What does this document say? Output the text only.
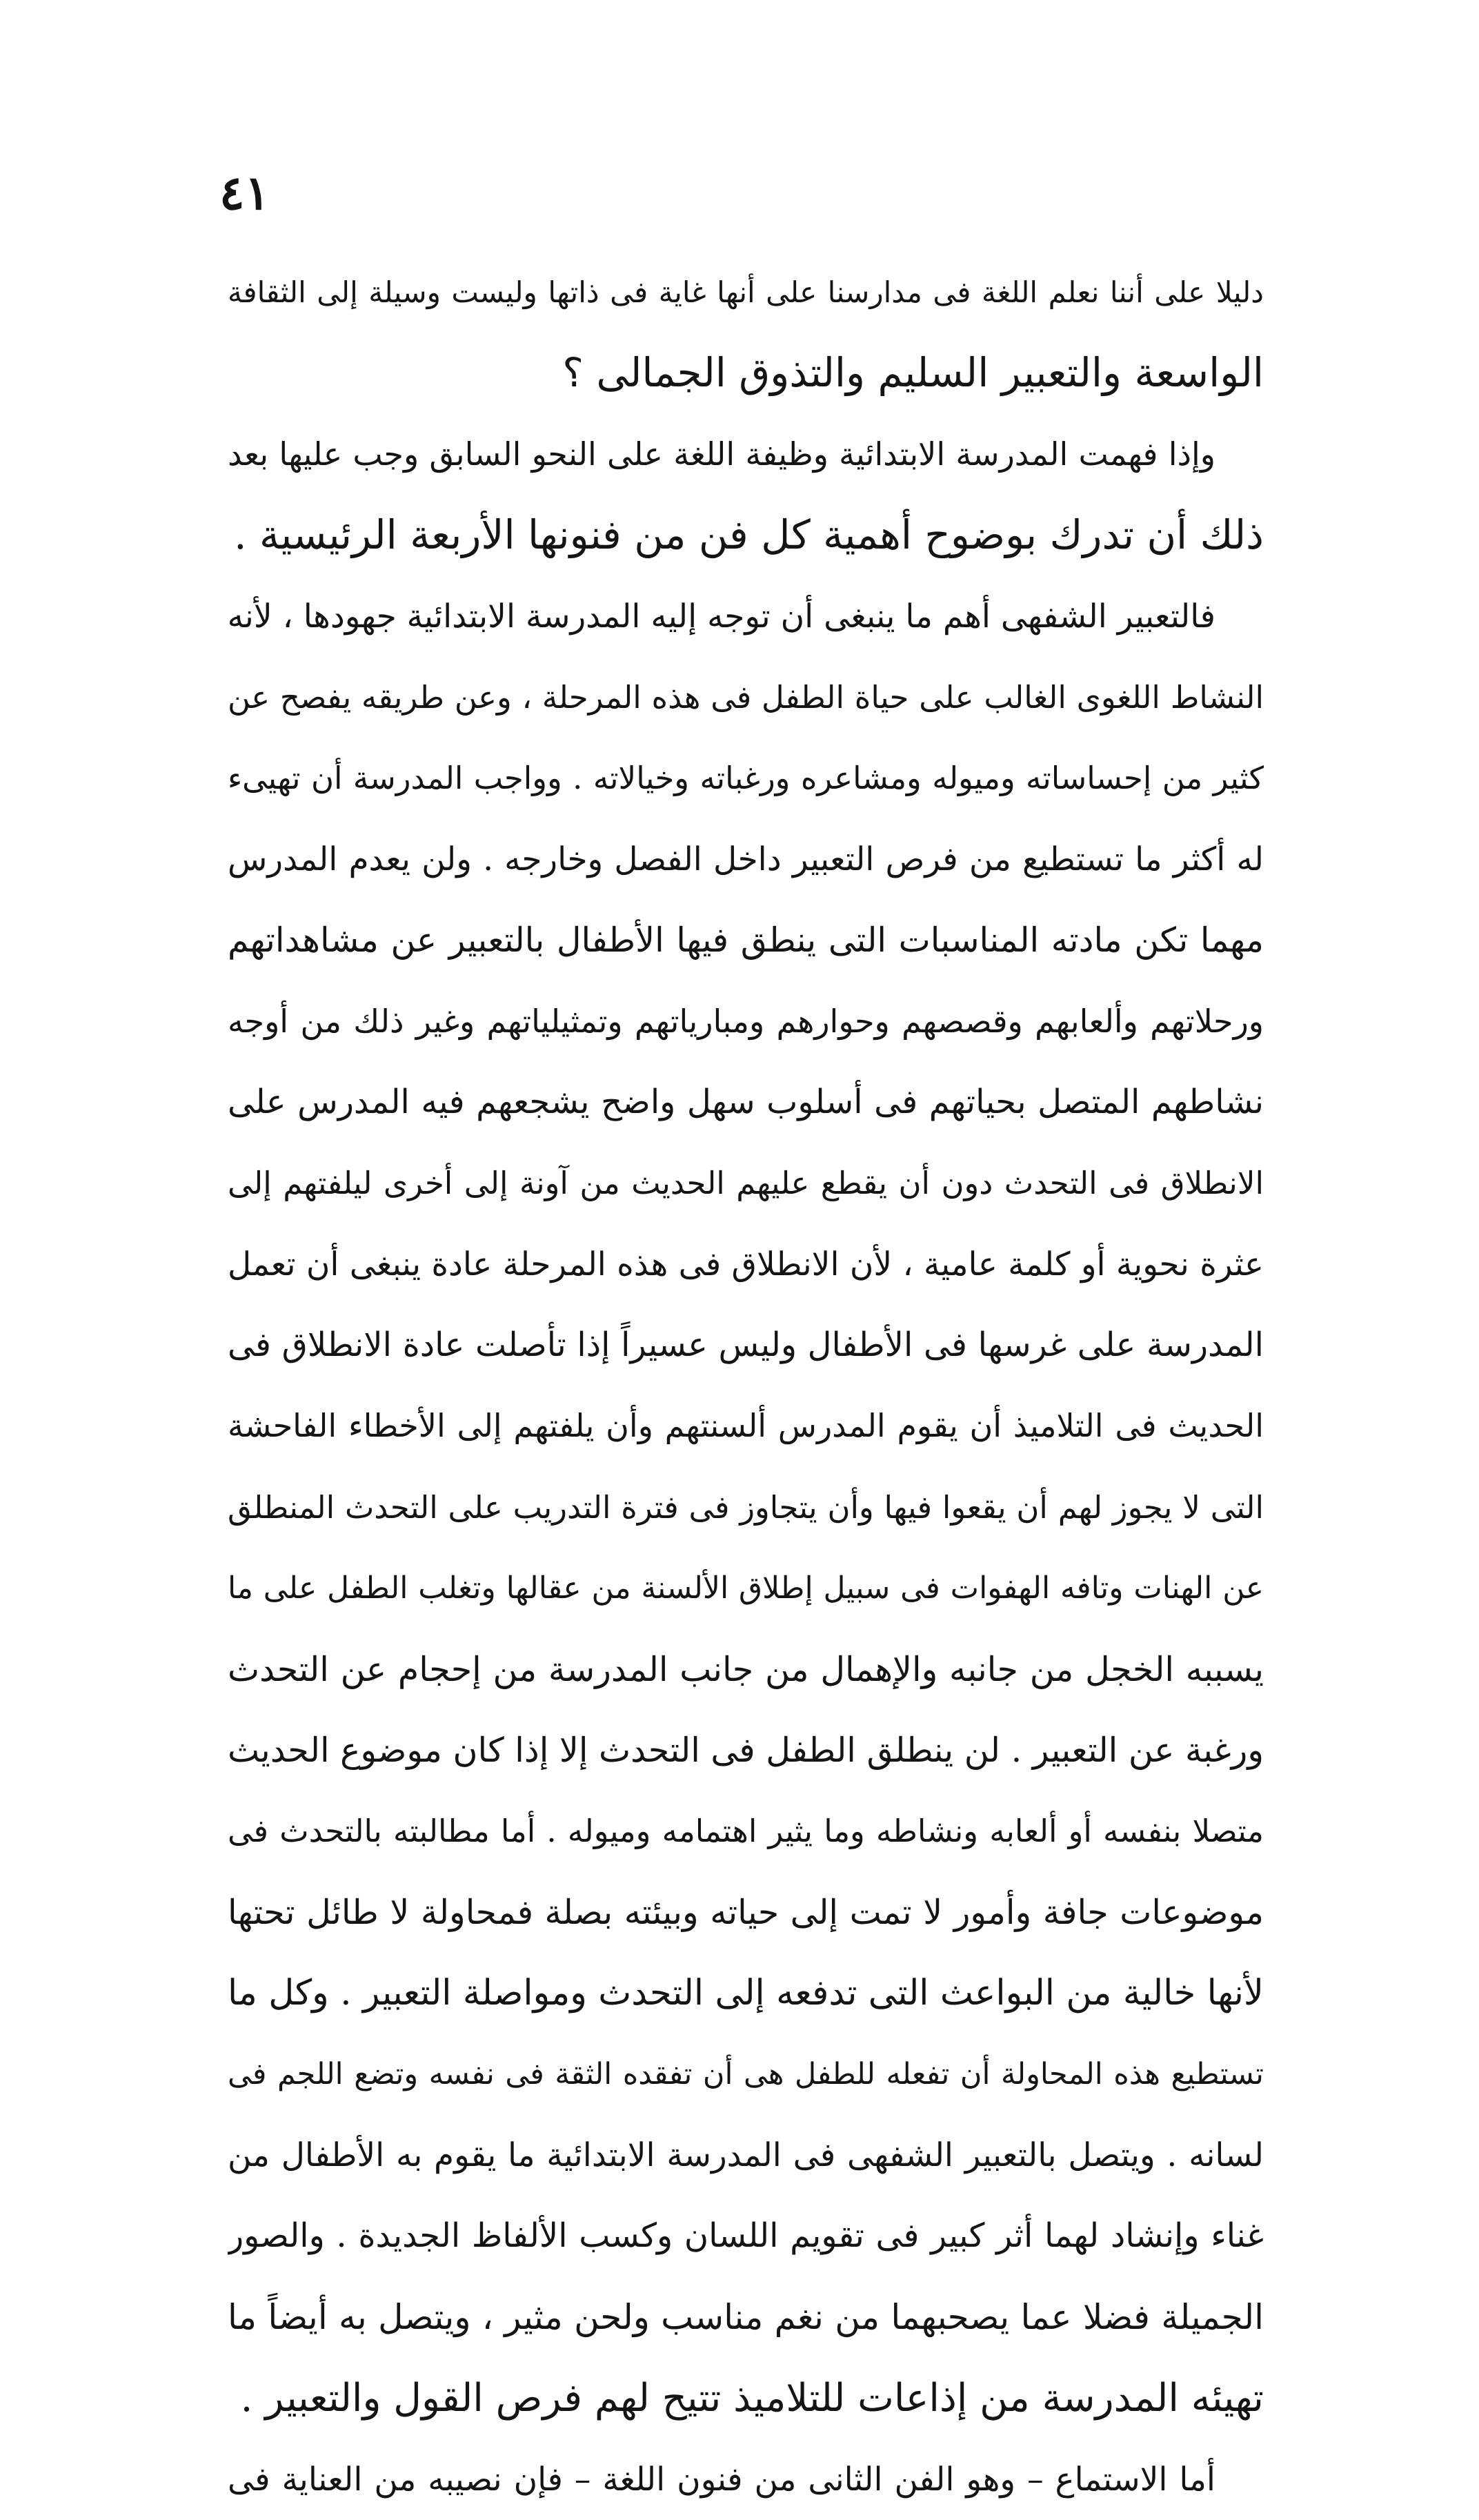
٤١
دليلا على أننا نعلم اللغة فى مدارسنا على أنها غاية فى ذاتها وليست وسيلة إلى الثقافة
الواسعة والتعبير السليم والتذوق الجمالى ؟
وإذا فهمت المدرسة الابتدائية وظيفة اللغة على النحو السابق وجب عليها بعد
ذلك أن تدرك بوضوح أهمية كل فن من فنونها الأربعة الرئيسية .
فالتعبير الشفهى أهم ما ينبغى أن توجه إليه المدرسة الابتدائية جهودها ، لأنه
النشاط اللغوى الغالب على حياة الطفل فى هذه المرحلة ، وعن طريقه يفصح عن
كثير من إحساساته وميوله ومشاعره ورغباته وخيالاته . وواجب المدرسة أن تهيىء
له أكثر ما تستطيع من فرص التعبير داخل الفصل وخارجه . ولن يعدم المدرس
مهما تكن مادته المناسبات التى ينطق فيها الأطفال بالتعبير عن مشاهداتهم
ورحلاتهم وألعابهم وقصصهم وحوارهم ومبارياتهم وتمثيلياتهم وغير ذلك من أوجه
نشاطهم المتصل بحياتهم فى أسلوب سهل واضح يشجعهم فيه المدرس على
الانطلاق فى التحدث دون أن يقطع عليهم الحديث من آونة إلى أخرى ليلفتهم إلى
عثرة نحوية أو كلمة عامية ، لأن الانطلاق فى هذه المرحلة عادة ينبغى أن تعمل
المدرسة على غرسها فى الأطفال وليس عسيراً إذا تأصلت عادة الانطلاق فى
الحديث فى التلاميذ أن يقوم المدرس ألسنتهم وأن يلفتهم إلى الأخطاء الفاحشة
التى لا يجوز لهم أن يقعوا فيها وأن يتجاوز فى فترة التدريب على التحدث المنطلق
عن الهنات وتافه الهفوات فى سبيل إطلاق الألسنة من عقالها وتغلب الطفل على ما
يسببه الخجل من جانبه والإهمال من جانب المدرسة من إحجام عن التحدث
ورغبة عن التعبير . لن ينطلق الطفل فى التحدث إلا إذا كان موضوع الحديث
متصلا بنفسه أو ألعابه ونشاطه وما يثير اهتمامه وميوله . أما مطالبته بالتحدث فى
موضوعات جافة وأمور لا تمت إلى حياته وبيئته بصلة فمحاولة لا طائل تحتها
لأنها خالية من البواعث التى تدفعه إلى التحدث ومواصلة التعبير . وكل ما
تستطيع هذه المحاولة أن تفعله للطفل هى أن تفقده الثقة فى نفسه وتضع اللجم فى
لسانه . ويتصل بالتعبير الشفهى فى المدرسة الابتدائية ما يقوم به الأطفال من
غناء وإنشاد لهما أثر كبير فى تقويم اللسان وكسب الألفاظ الجديدة . والصور
الجميلة فضلا عما يصحبهما من نغم مناسب ولحن مثير ، ويتصل به أيضاً ما
تهيئه المدرسة من إذاعات للتلاميذ تتيح لهم فرص القول والتعبير .
أما الاستماع – وهو الفن الثانى من فنون اللغة – فإن نصيبه من العناية فى
